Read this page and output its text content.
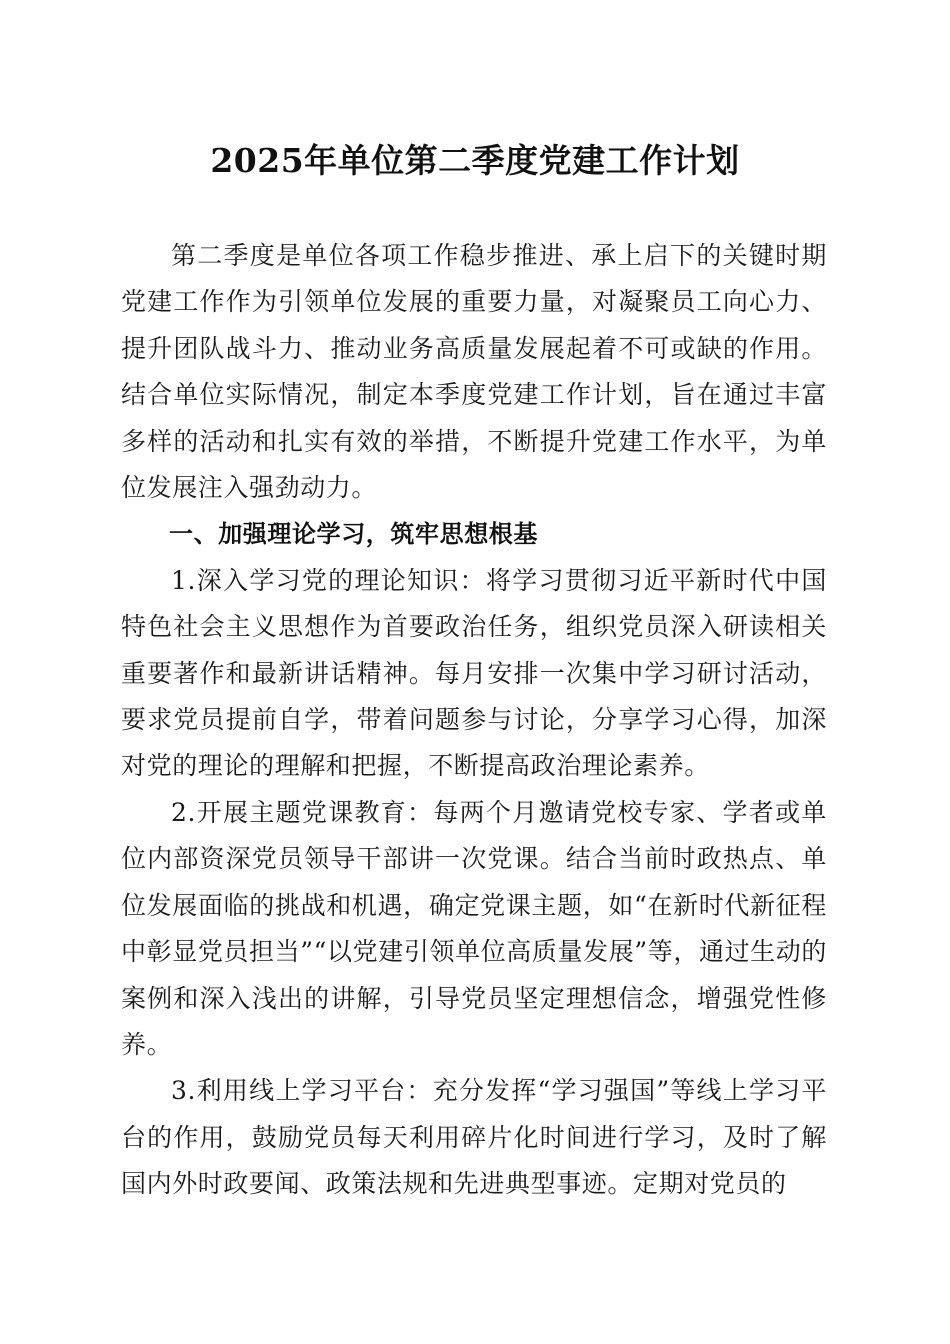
2025年单位第二季度党建工作计划

第二季度是单位各项工作稳步推进、承上启下的关键时期党建工作作为引领单位发展的重要力量，对凝聚员工向心力、提升团队战斗力、推动业务高质量发展起着不可或缺的作用。结合单位实际情况，制定本季度党建工作计划，旨在通过丰富多样的活动和扎实有效的举措，不断提升党建工作水平，为单位发展注入强劲动力。

一、加强理论学习，筑牢思想根基

1.深入学习党的理论知识：将学习贯彻习近平新时代中国特色社会主义思想作为首要政治任务，组织党员深入研读相关重要著作和最新讲话精神。每月安排一次集中学习研讨活动，要求党员提前自学，带着问题参与讨论，分享学习心得，加深对党的理论的理解和把握，不断提高政治理论素养。

2.开展主题党课教育：每两个月邀请党校专家、学者或单位内部资深党员领导干部讲一次党课。结合当前时政热点、单位发展面临的挑战和机遇，确定党课主题，如“在新时代新征程中彰显党员担当”“以党建引领单位高质量发展”等，通过生动的案例和深入浅出的讲解，引导党员坚定理想信念，增强党性修养。

3.利用线上学习平台：充分发挥“学习强国”等线上学习平台的作用，鼓励党员每天利用碎片化时间进行学习，及时了解国内外时政要闻、政策法规和先进典型事迹。定期对党员的
